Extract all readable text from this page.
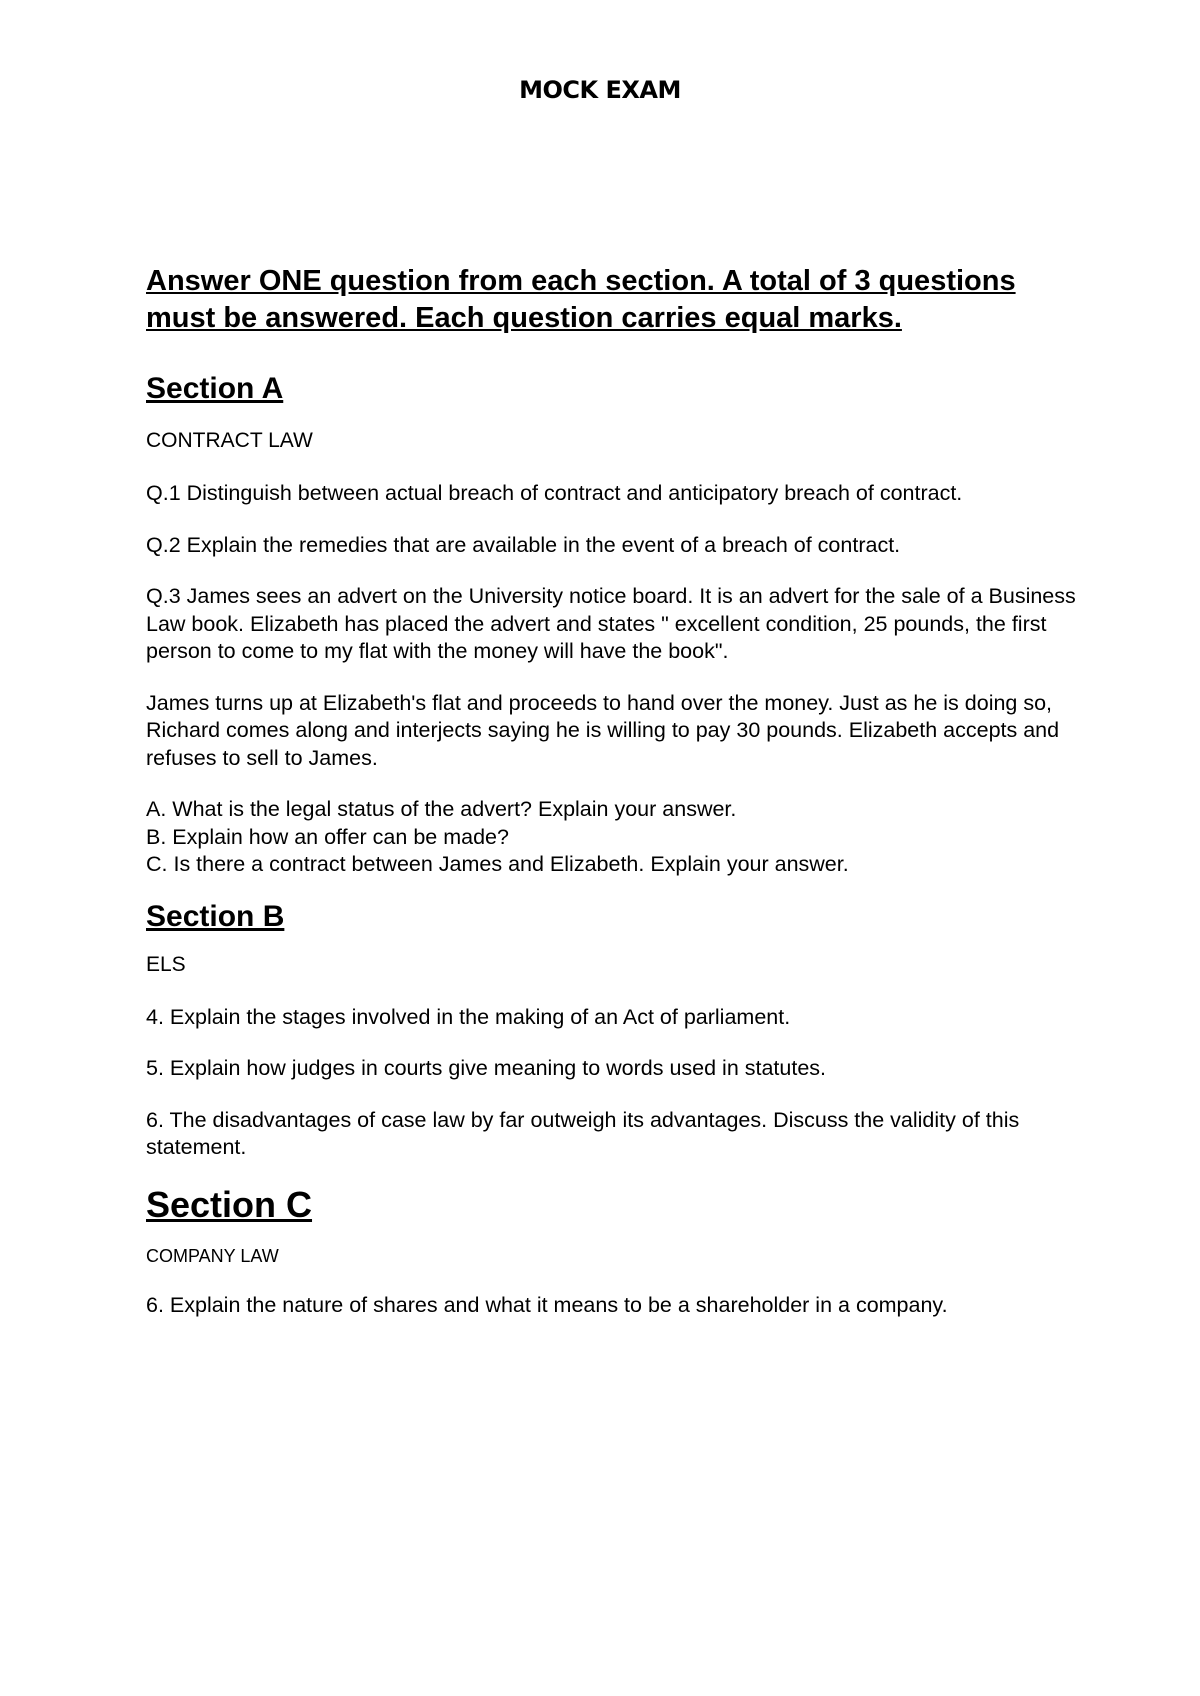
MOCK EXAM

Answer ONE question from each section. A total of 3 questions must be answered. Each question carries equal marks.

Section A

CONTRACT LAW

Q.1 Distinguish between actual breach of contract and anticipatory breach of contract.

Q.2 Explain the remedies that are available in the event of a breach of contract.

Q.3 James sees an advert on the University notice board. It is an advert for the sale of a Business Law book. Elizabeth has placed the advert and states " excellent condition, 25 pounds, the first person to come to my flat with the money will have the book".

James turns up at Elizabeth's flat and proceeds to hand over the money. Just as he is doing so, Richard comes along and interjects saying he is willing to pay 30 pounds. Elizabeth accepts and refuses to sell to James.

A. What is the legal status of the advert? Explain your answer.
B. Explain how an offer can be made?
C. Is there a contract between James and Elizabeth. Explain your answer.
Section B

ELS

4. Explain the stages involved in the making of an Act of parliament.

5. Explain how judges in courts give meaning to words used in statutes.

6. The disadvantages of case law by far outweigh its advantages. Discuss the validity of this statement.

Section C

COMPANY LAW

6. Explain the nature of shares and what it means to be a shareholder in a company.
